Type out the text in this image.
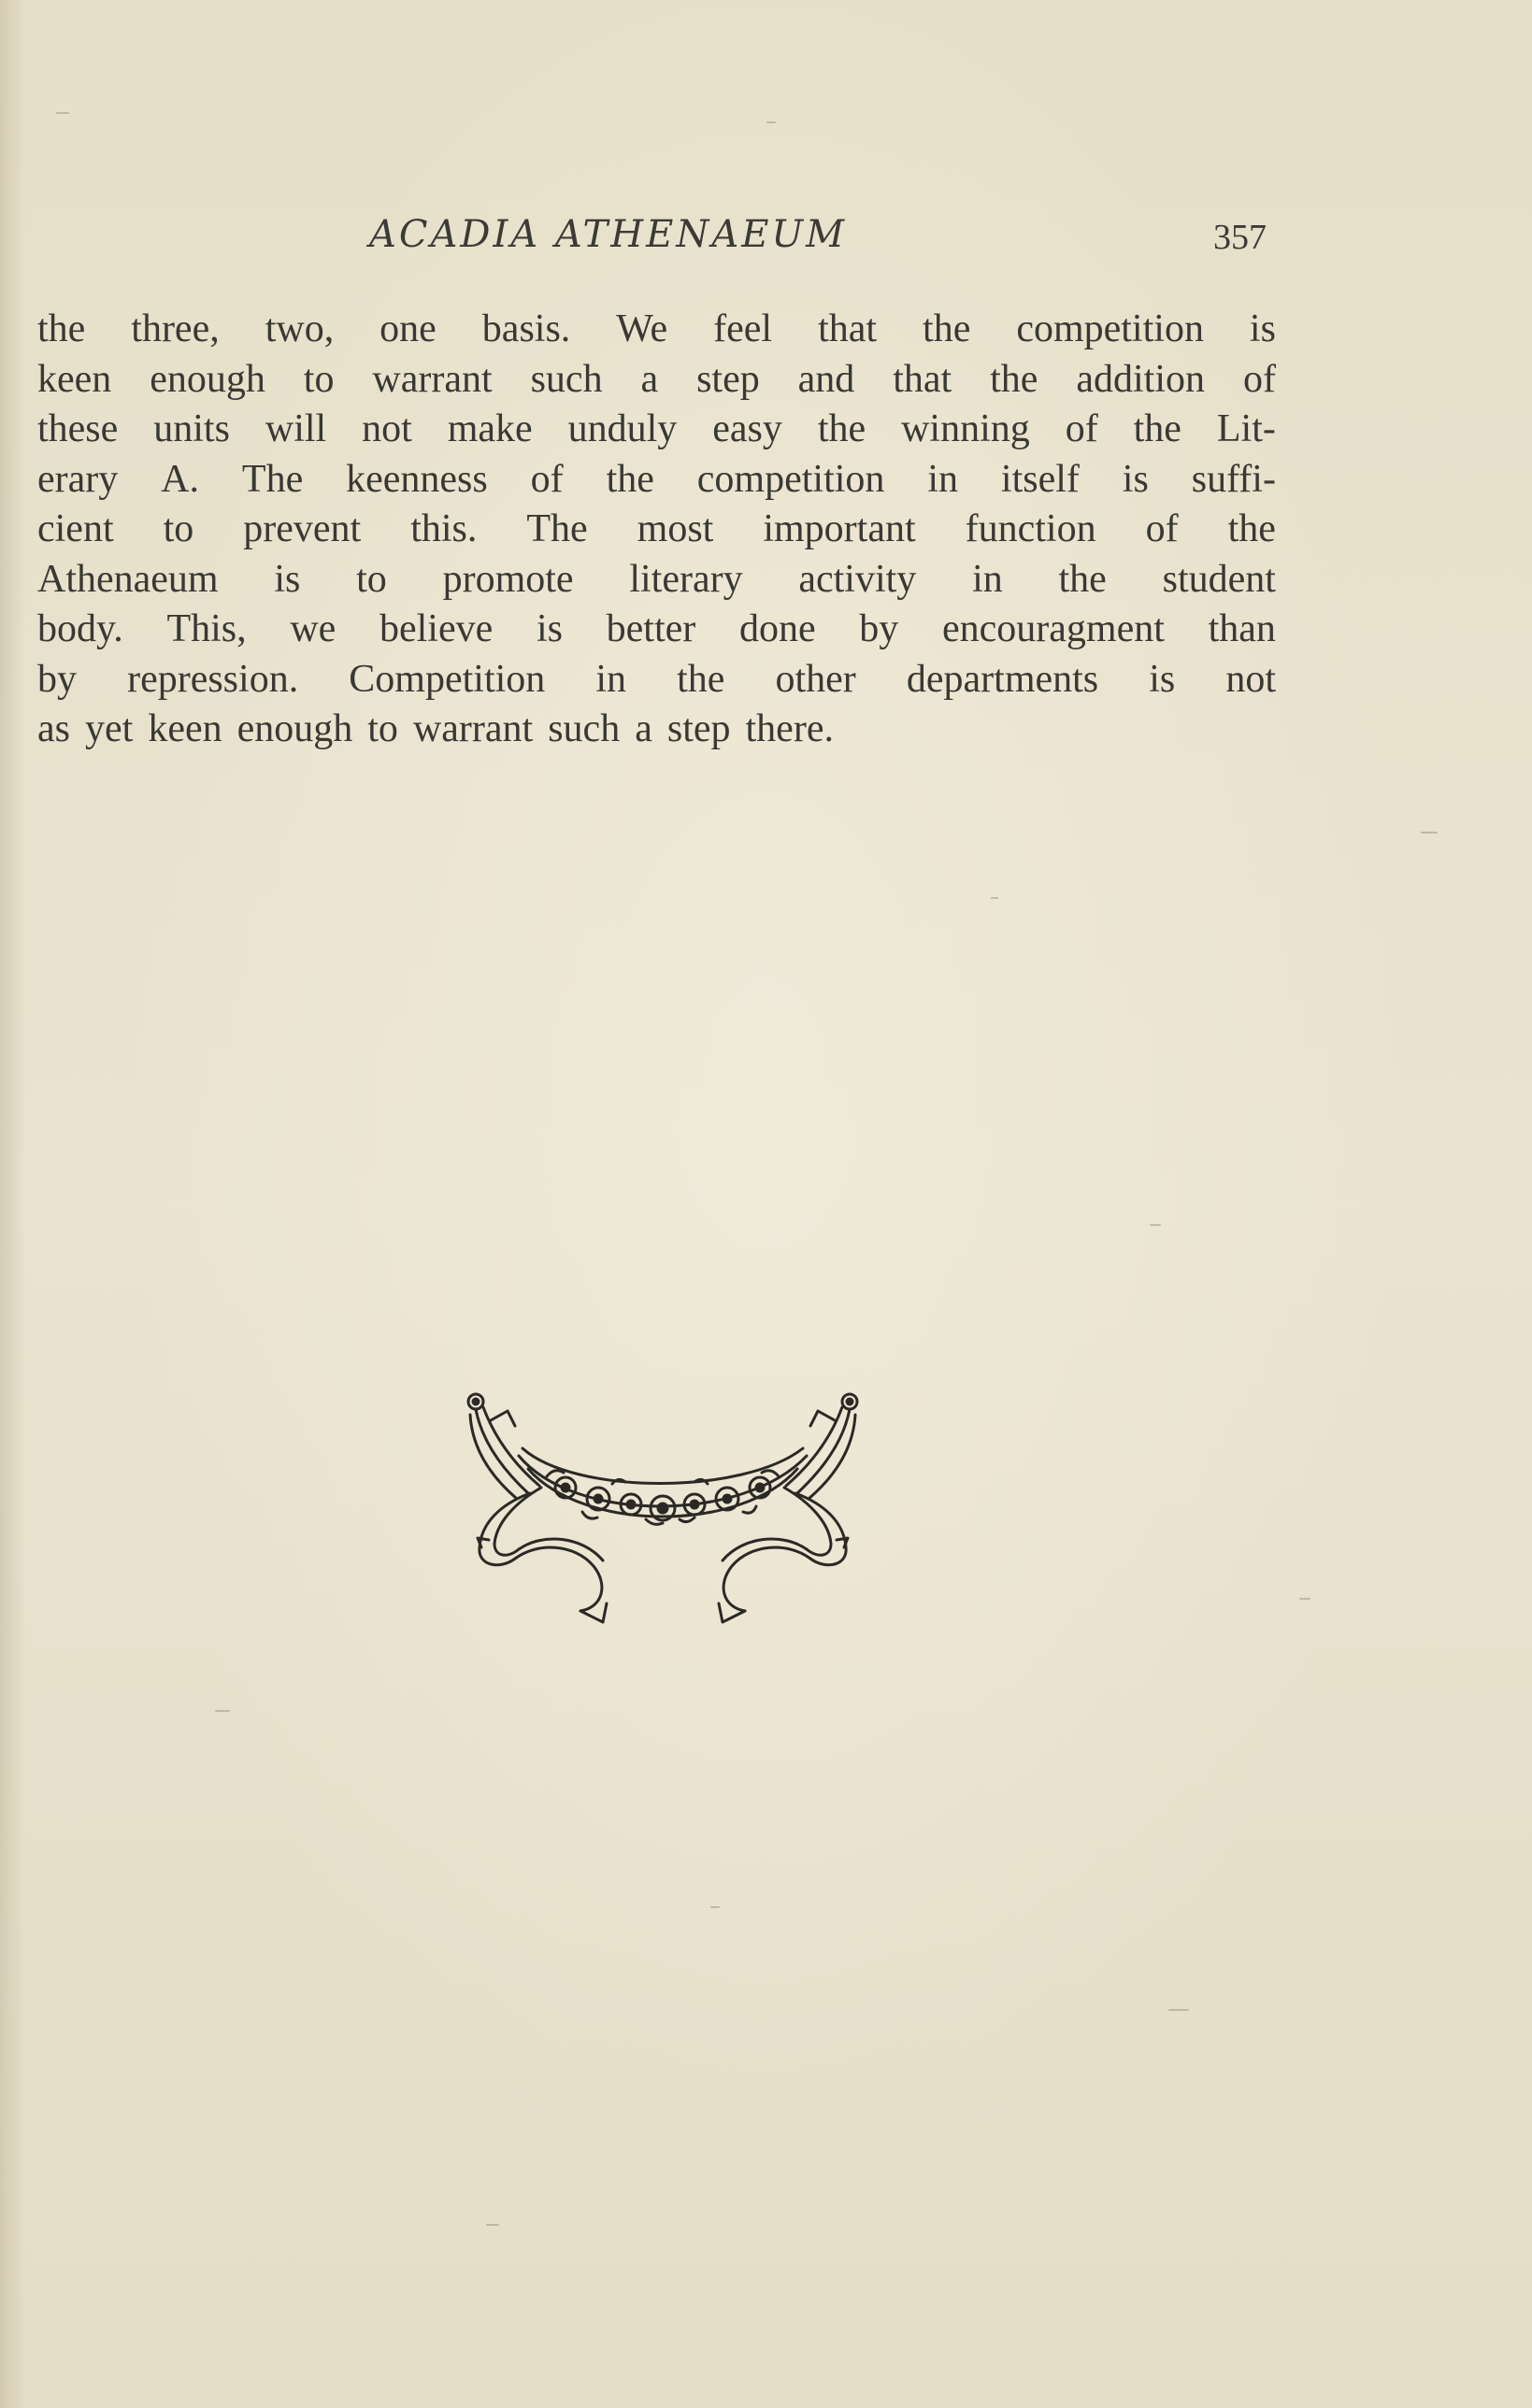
ACADIA ATHENAEUM	357
the three, two, one basis. We feel that the competition is
keen enough to warrant such a step and that the addition of
these units will not make unduly easy the winning of the Lit-
erary A. The keenness of the competition in itself is suffi-
cient to prevent this. The most important function of the
Athenaeum is to promote literary activity in the student
body. This, we believe is better done by encouragment than
by repression. Competition in the other departments is not
as yet keen enough to warrant such a step there.
